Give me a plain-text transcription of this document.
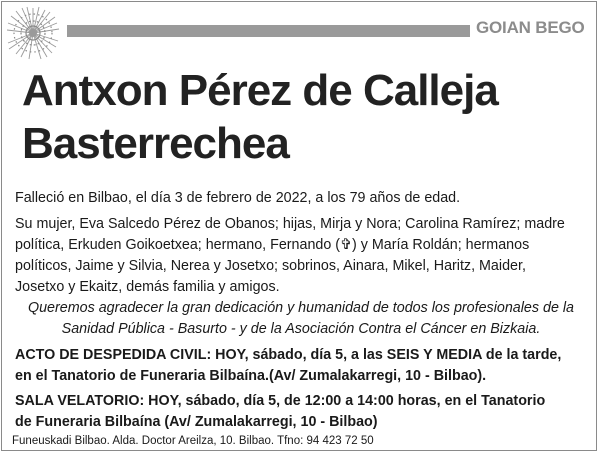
GOIAN BEGO
Antxon Pérez de Calleja
Basterrechea

Falleció en Bilbao, el día 3 de febrero de 2022, a los 79 años de edad.

Su mujer, Eva Salcedo Pérez de Obanos; hijas, Mirja y Nora; Carolina Ramírez; madre
política, Erkuden Goikoetxea; hermano, Fernando (✞) y María Roldán; hermanos
políticos, Jaime y Silvia, Nerea y Josetxo; sobrinos, Ainara, Mikel, Haritz, Maider,
Josetxo y Ekaitz, demás familia y amigos.

Queremos agradecer la gran dedicación y humanidad de todos los profesionales de la
Sanidad Pública - Basurto - y de la Asociación Contra el Cáncer en Bizkaia.

ACTO DE DESPEDIDA CIVIL: HOY, sábado, día 5, a las SEIS Y MEDIA de la tarde,
en el Tanatorio de Funeraria Bilbaína.(Av/ Zumalakarregi, 10 - Bilbao).

SALA VELATORIO: HOY, sábado, día 5, de 12:00 a 14:00 horas, en el Tanatorio
de Funeraria Bilbaína (Av/ Zumalakarregi, 10 - Bilbao)

Funeuskadi Bilbao. Alda. Doctor Areilza, 10. Bilbao. Tfno: 94 423 72 50
